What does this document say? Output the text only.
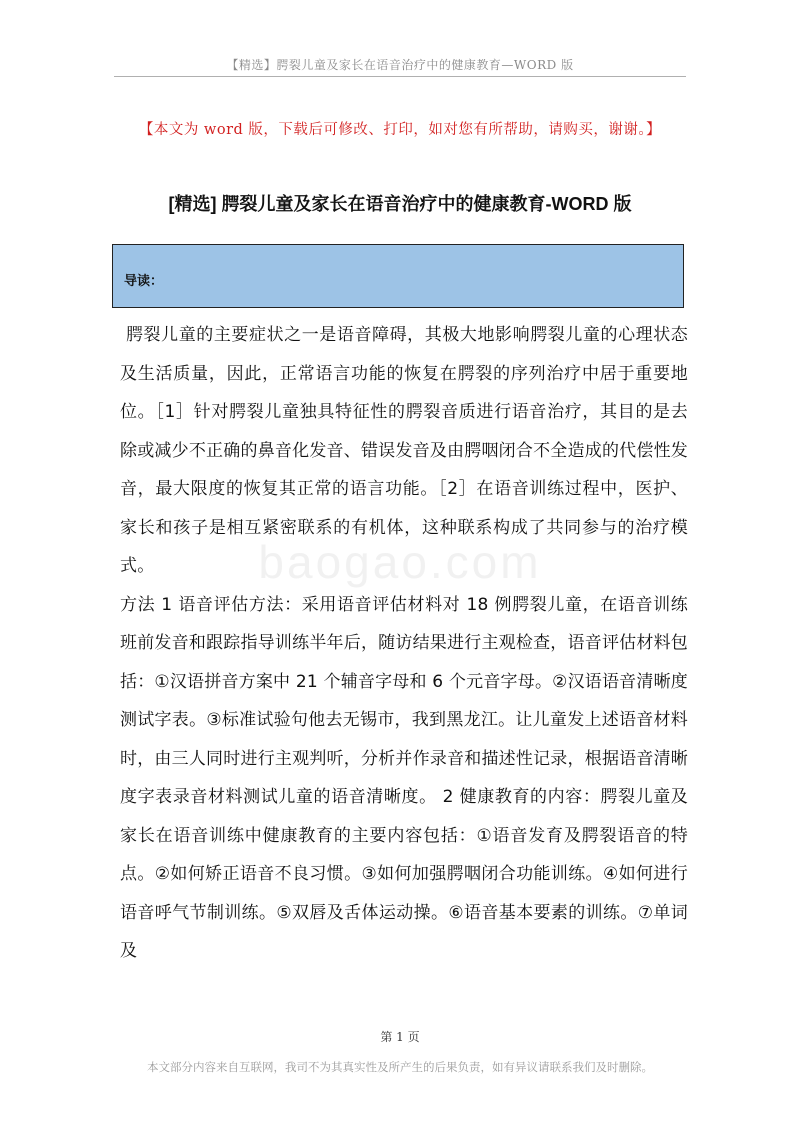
【精选】腭裂儿童及家长在语音治疗中的健康教育—WORD 版
【本文为 word 版，下载后可修改、打印，如对您有所帮助，请购买，谢谢。】
[精选] 腭裂儿童及家长在语音治疗中的健康教育-WORD 版
导读：
baogao.com

腭裂儿童的主要症状之一是语音障碍，其极大地影响腭裂儿童的心理状态及生活质量，因此，正常语言功能的恢复在腭裂的序列治疗中居于重要地位。［1］针对腭裂儿童独具特征性的腭裂音质进行语音治疗，其目的是去除或减少不正确的鼻音化发音、错误发音及由腭咽闭合不全造成的代偿性发音，最大限度的恢复其正常的语言功能。［2］在语音训练过程中，医护、家长和孩子是相互紧密联系的有机体，这种联系构成了共同参与的治疗模式。

方法 1 语音评估方法：采用语音评估材料对 18 例腭裂儿童，在语音训练班前发音和跟踪指导训练半年后，随访结果进行主观检查，语音评估材料包括：①汉语拼音方案中 21 个辅音字母和 6 个元音字母。②汉语语音清晰度测试字表。③标准试验句他去无锡市，我到黑龙江。让儿童发上述语音材料时，由三人同时进行主观判听，分析并作录音和描述性记录，根据语音清晰度字表录音材料测试儿童的语音清晰度。 2 健康教育的内容：腭裂儿童及家长在语音训练中健康教育的主要内容包括：①语音发育及腭裂语音的特点。②如何矫正语音不良习惯。③如何加强腭咽闭合功能训练。④如何进行语音呼气节制训练。⑤双唇及舌体运动操。⑥语音基本要素的训练。⑦单词及

第 1 页
本文部分内容来自互联网，我司不为其真实性及所产生的后果负责，如有异议请联系我们及时删除。
